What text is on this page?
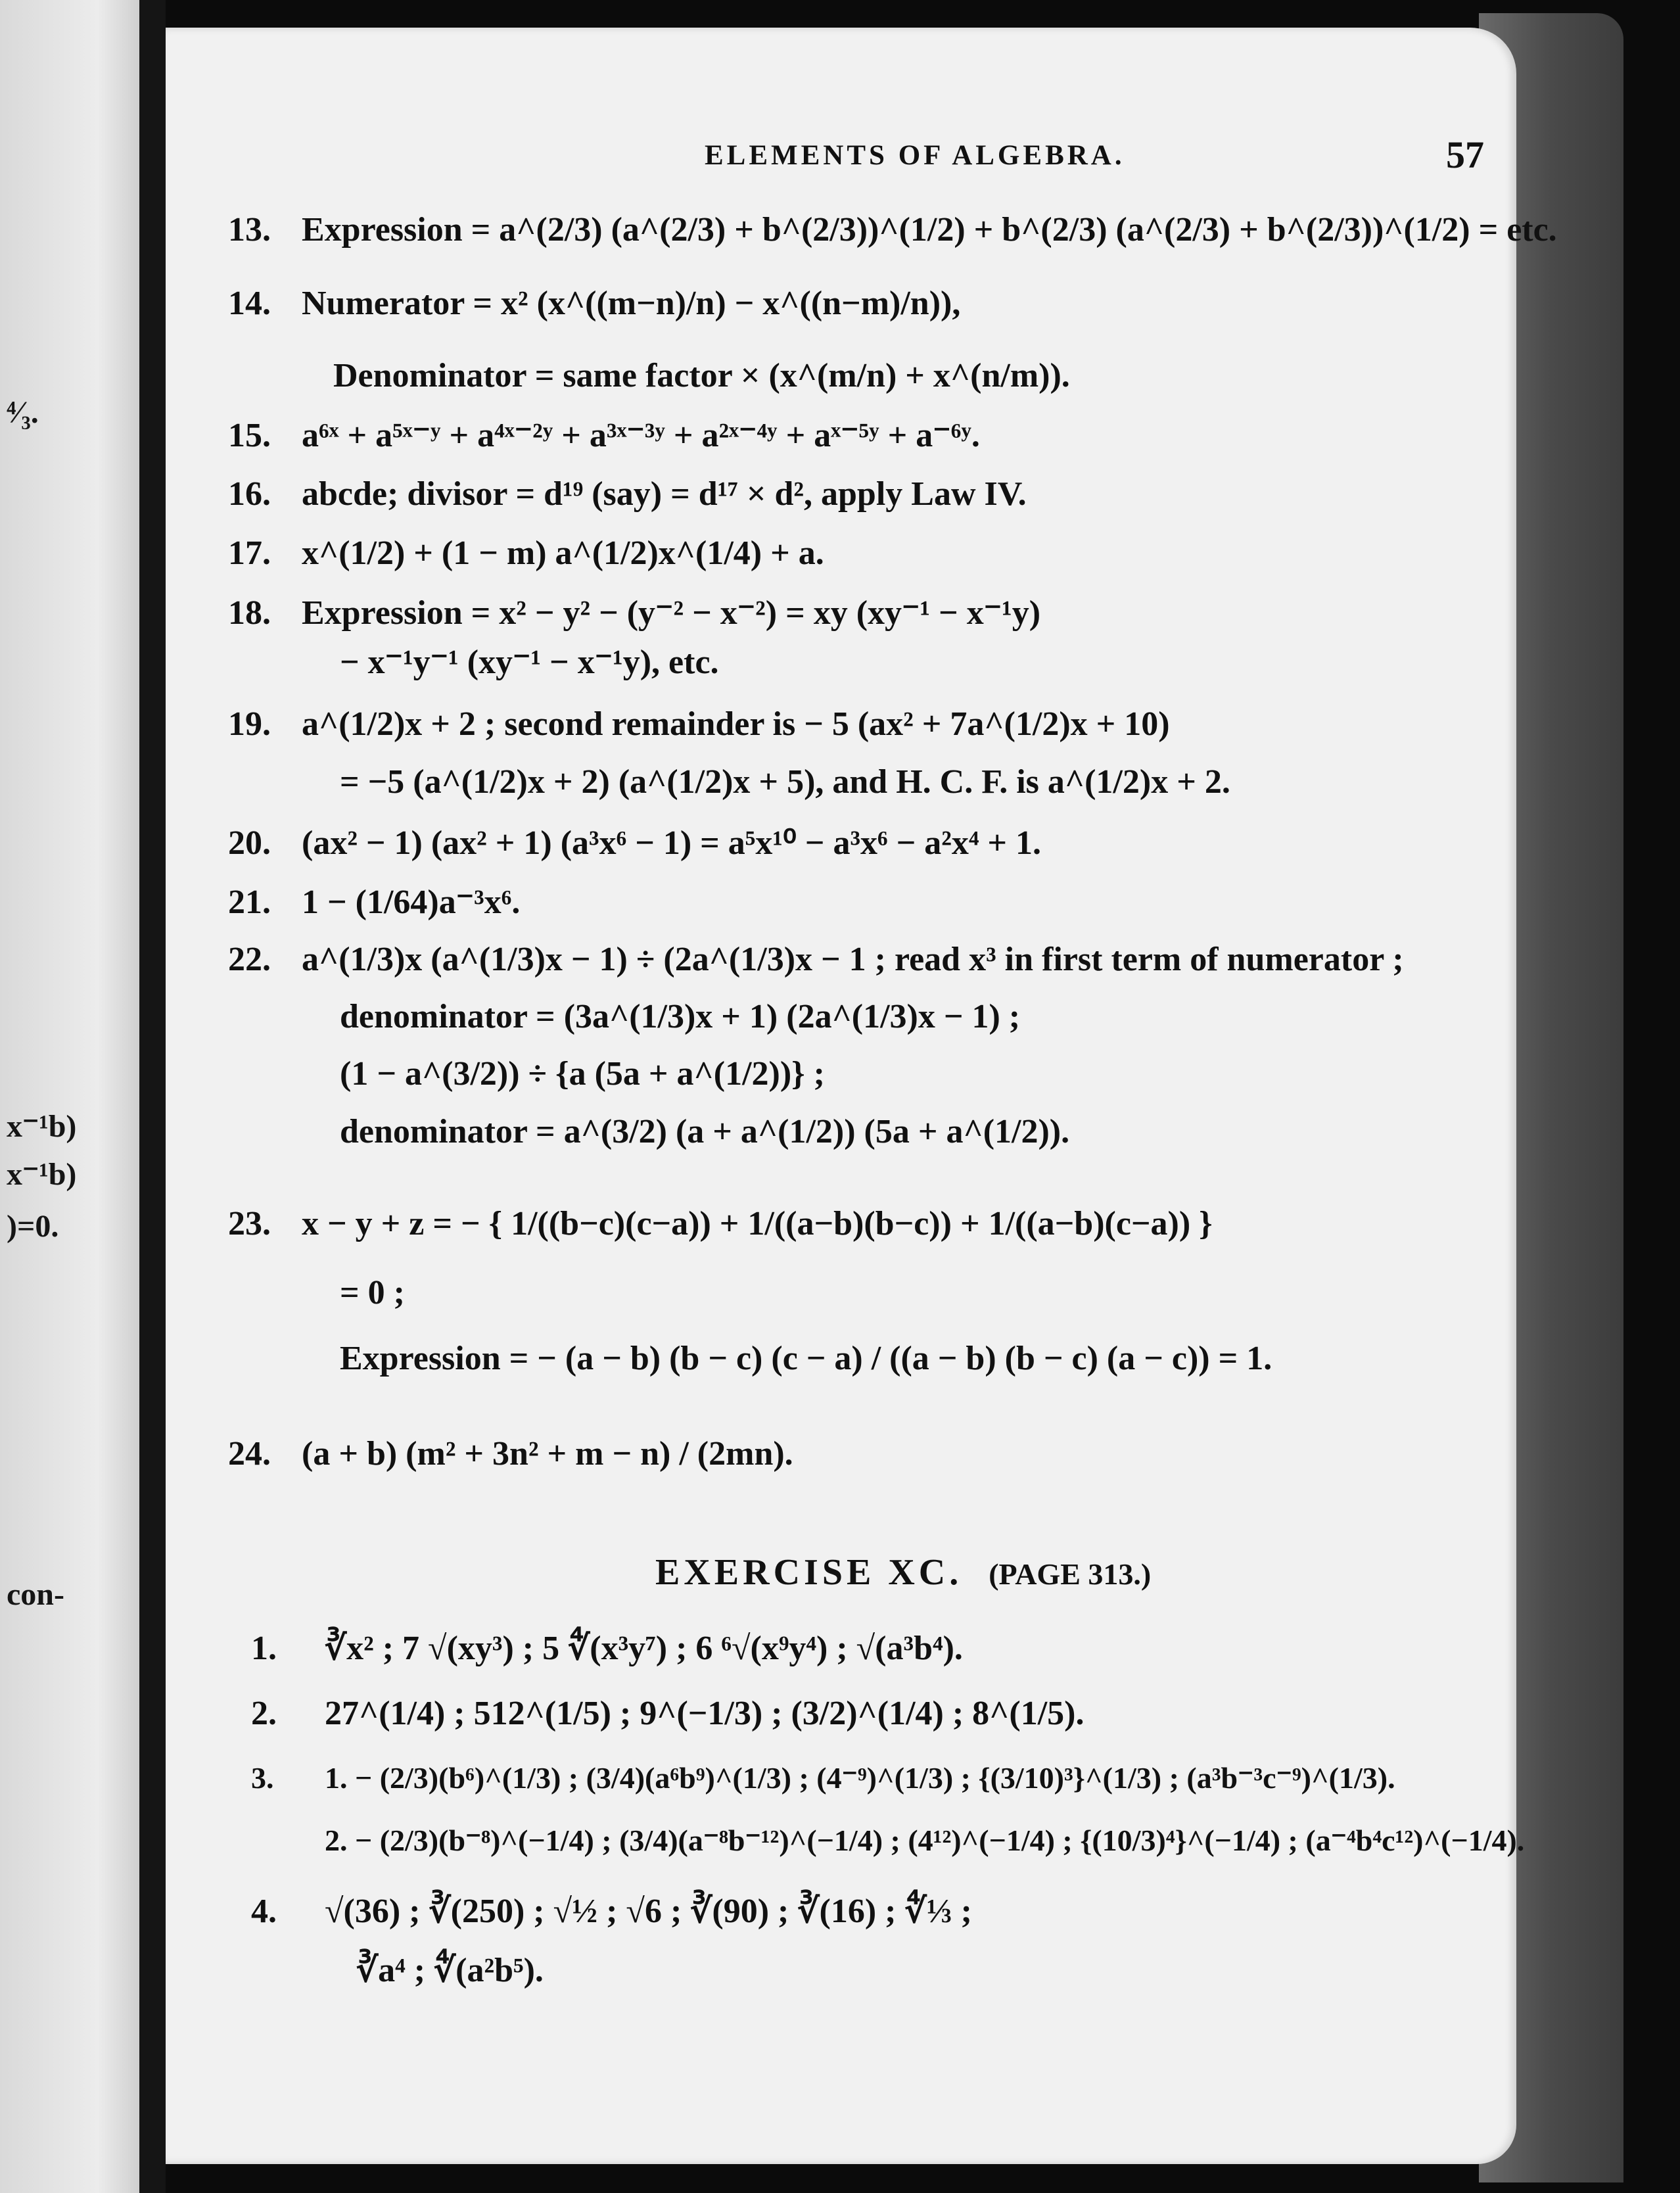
⁴⁄₃.
x⁻¹b)
x⁻¹b)
)=0.
con-
ELEMENTS OF ALGEBRA.	57
13. Expression = a^(2/3) (a^(2/3) + b^(2/3))^(1/2) + b^(2/3) (a^(2/3) + b^(2/3))^(1/2) = etc.
14. Numerator = x² (x^((m−n)/n) − x^((n−m)/n)),
Denominator = same factor × (x^(m/n) + x^(n/m)).
15. a⁶ˣ + a⁵ˣ⁻ʸ + a⁴ˣ⁻²ʸ + a³ˣ⁻³ʸ + a²ˣ⁻⁴ʸ + aˣ⁻⁵ʸ + a⁻⁶ʸ.
16. abcde; divisor = d¹⁹ (say) = d¹⁷ × d², apply Law IV.
17. x^(1/2) + (1 − m) a^(1/2)x^(1/4) + a.
18. Expression = x² − y² − (y⁻² − x⁻²) = xy (xy⁻¹ − x⁻¹y)
− x⁻¹y⁻¹ (xy⁻¹ − x⁻¹y), etc.
19. a^(1/2)x + 2 ; second remainder is − 5 (ax² + 7a^(1/2)x + 10)
= −5 (a^(1/2)x + 2) (a^(1/2)x + 5), and H. C. F. is a^(1/2)x + 2.
20. (ax² − 1) (ax² + 1) (a³x⁶ − 1) = a⁵x¹⁰ − a³x⁶ − a²x⁴ + 1.
21. 1 − (1/64)a⁻³x⁶.
22. a^(1/3)x (a^(1/3)x − 1) ÷ (2a^(1/3)x − 1 ; read x³ in first term of numerator ;
denominator = (3a^(1/3)x + 1) (2a^(1/3)x − 1) ;
(1 − a^(3/2)) ÷ {a (5a + a^(1/2))} ;
denominator = a^(3/2) (a + a^(1/2)) (5a + a^(1/2)).
23. x − y + z = − { 1/((b−c)(c−a)) + 1/((a−b)(b−c)) + 1/((a−b)(c−a)) }
= 0 ;
Expression = − (a − b) (b − c) (c − a) / ((a − b) (b − c) (a − c)) = 1.
24. (a + b) (m² + 3n² + m − n) / (2mn).
EXERCISE XC. (PAGE 313.)
1. ∛x² ; 7 √(xy³) ; 5 ∜(x³y⁷) ; 6 ⁶√(x⁹y⁴) ; √(a³b⁴).
2. 27^(1/4) ; 512^(1/5) ; 9^(−1/3) ; (3/2)^(1/4) ; 8^(1/5).
3. 1. − (2/3)(b⁶)^(1/3) ; (3/4)(a⁶b⁹)^(1/3) ; (4⁻⁹)^(1/3) ; {(3/10)³}^(1/3) ; (a³b⁻³c⁻⁹)^(1/3).
2. − (2/3)(b⁻⁸)^(−1/4) ; (3/4)(a⁻⁸b⁻¹²)^(−1/4) ; (4¹²)^(−1/4) ; {(10/3)⁴}^(−1/4) ; (a⁻⁴b⁴c¹²)^(−1/4).
4. √(36) ; ∛(250) ; √½ ; √6 ; ∛(90) ; ∛(16) ; ∜⅓ ;
∛a⁴ ; ∜(a²b⁵).
